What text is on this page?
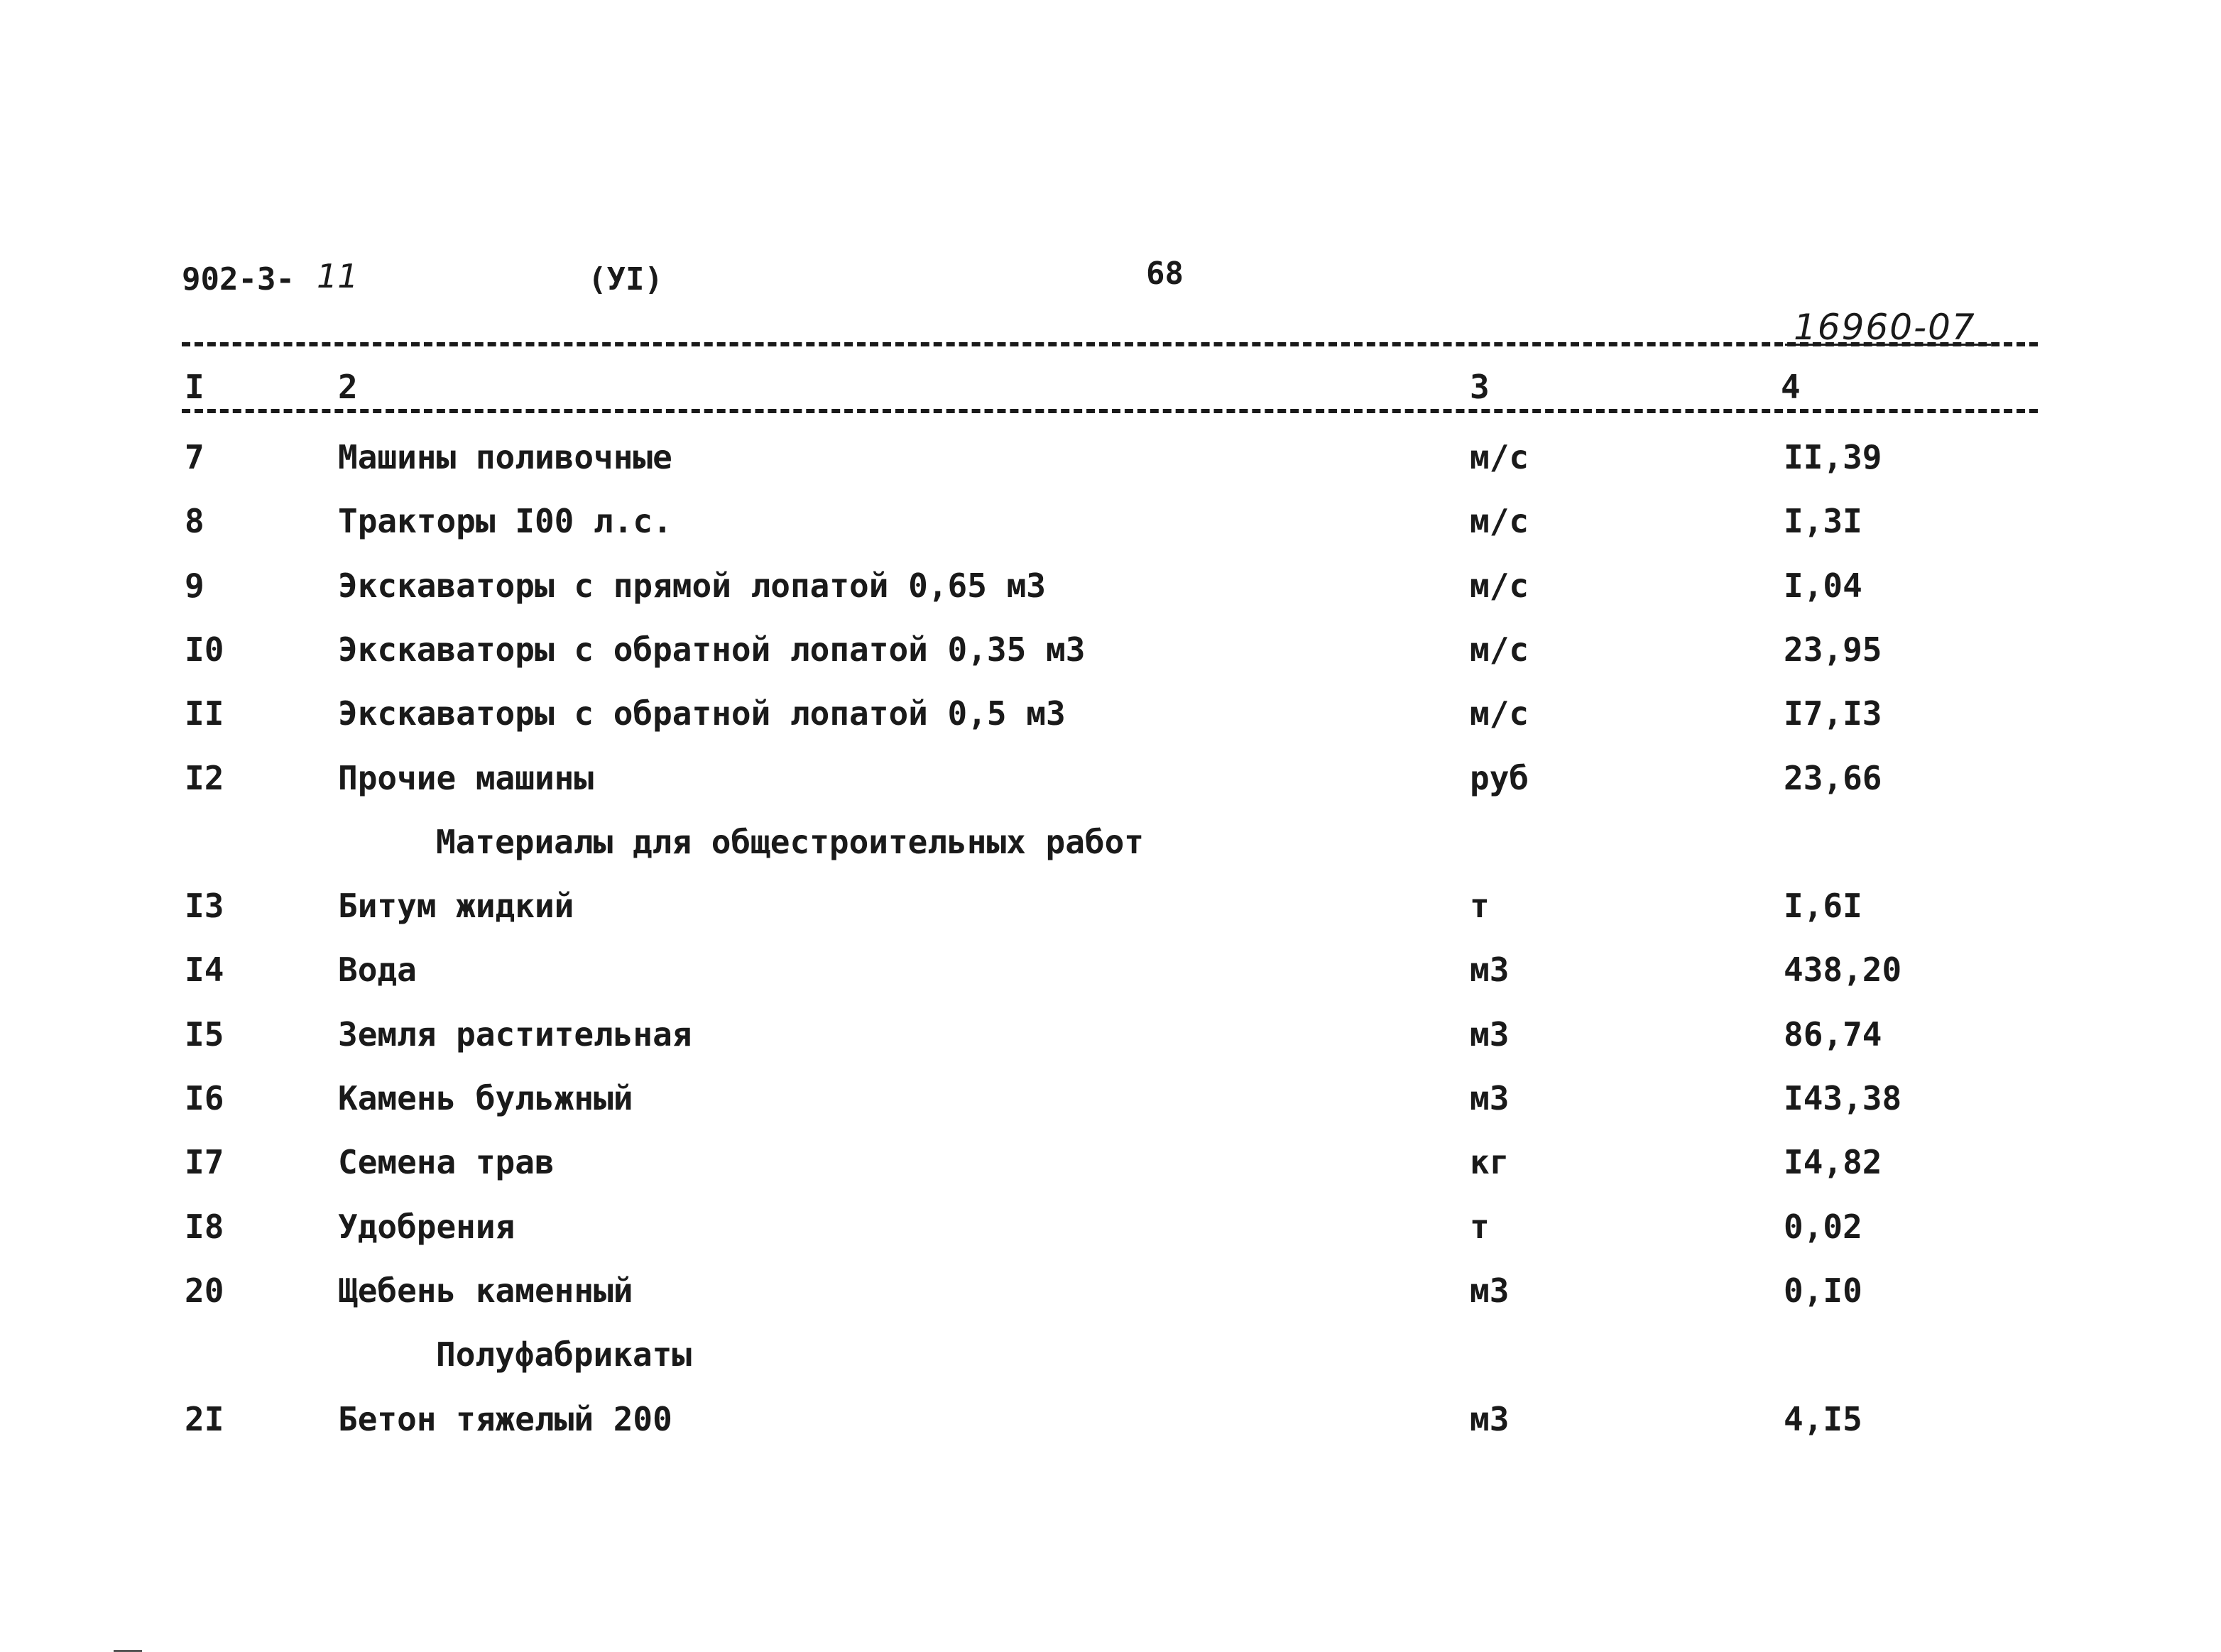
902-3- 11	(УI)	68
16960-07
I	2	3	4
7	Машины поливочные	м/с	II,39
8	Тракторы I00 л.с.	м/с	I,3I
9	Экскаваторы с прямой лопатой 0,65 м3	м/с	I,04
I0	Экскаваторы с обратной лопатой 0,35 м3	м/с	23,95
II	Экскаваторы с обратной лопатой 0,5 м3	м/с	I7,I3
I2	Прочие машины	руб	23,66
Материалы для общестроительных работ
I3	Битум жидкий	т	I,6I
I4	Вода	м3	438,20
I5	Земля растительная	м3	86,74
I6	Камень бульжный	м3	I43,38
I7	Семена трав	кг	I4,82
I8	Удобрения	т	0,02
20	Щебень каменный	м3	0,I0
Полуфабрикаты
2I	Бетон тяжелый 200	м3	4,I5
